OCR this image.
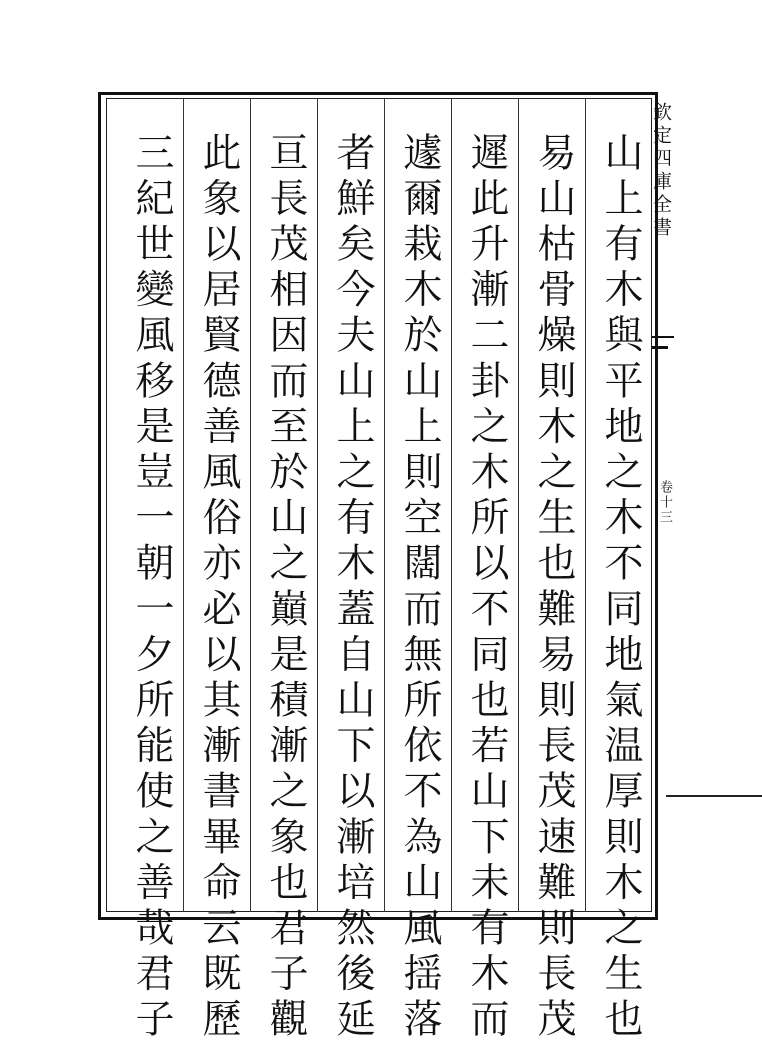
山上有木與平地之木不同地氣温厚則木之生也
易山枯骨燥則木之生也難易則長茂速難則長茂
遲此升漸二卦之木所以不同也若山下未有木而
遽爾栽木於山上則空闊而無所依不為山風揺落
者鮮矣今夫山上之有木蓋自山下以漸培然後延
亘長茂相因而至於山之巔是積漸之象也君子觀
此象以居賢德善風俗亦必以其漸書畢命云既歷
三紀世變風移是豈一朝一夕所能使之善哉君子	欽定四庫全書
卷十三
